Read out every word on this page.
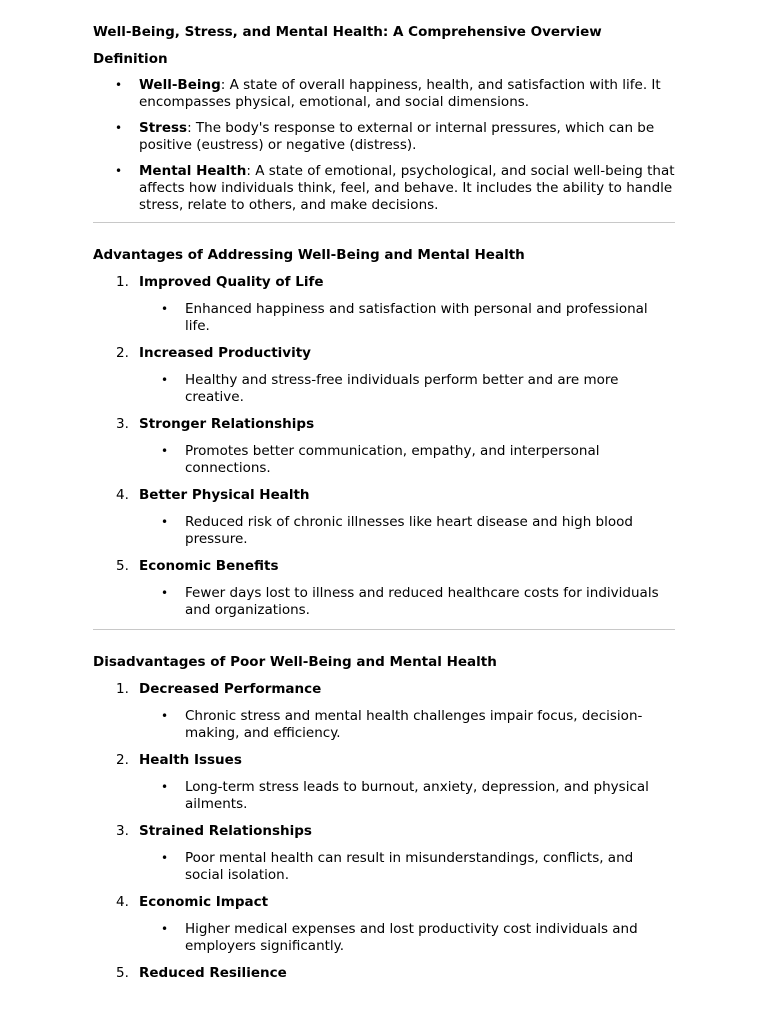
Well-Being, Stress, and Mental Health: A Comprehensive Overview
Definition
• Well-Being: A state of overall happiness, health, and satisfaction with life. It encompasses physical, emotional, and social dimensions.
• Stress: The body's response to external or internal pressures, which can be positive (eustress) or negative (distress).
• Mental Health: A state of emotional, psychological, and social well-being that affects how individuals think, feel, and behave. It includes the ability to handle stress, relate to others, and make decisions.
Advantages of Addressing Well-Being and Mental Health
1. Improved Quality of Life
• Enhanced happiness and satisfaction with personal and professional life.
2. Increased Productivity
• Healthy and stress-free individuals perform better and are more creative.
3. Stronger Relationships
• Promotes better communication, empathy, and interpersonal connections.
4. Better Physical Health
• Reduced risk of chronic illnesses like heart disease and high blood pressure.
5. Economic Benefits
• Fewer days lost to illness and reduced healthcare costs for individuals and organizations.
Disadvantages of Poor Well-Being and Mental Health
1. Decreased Performance
• Chronic stress and mental health challenges impair focus, decision-making, and efficiency.
2. Health Issues
• Long-term stress leads to burnout, anxiety, depression, and physical ailments.
3. Strained Relationships
• Poor mental health can result in misunderstandings, conflicts, and social isolation.
4. Economic Impact
• Higher medical expenses and lost productivity cost individuals and employers significantly.
5. Reduced Resilience
